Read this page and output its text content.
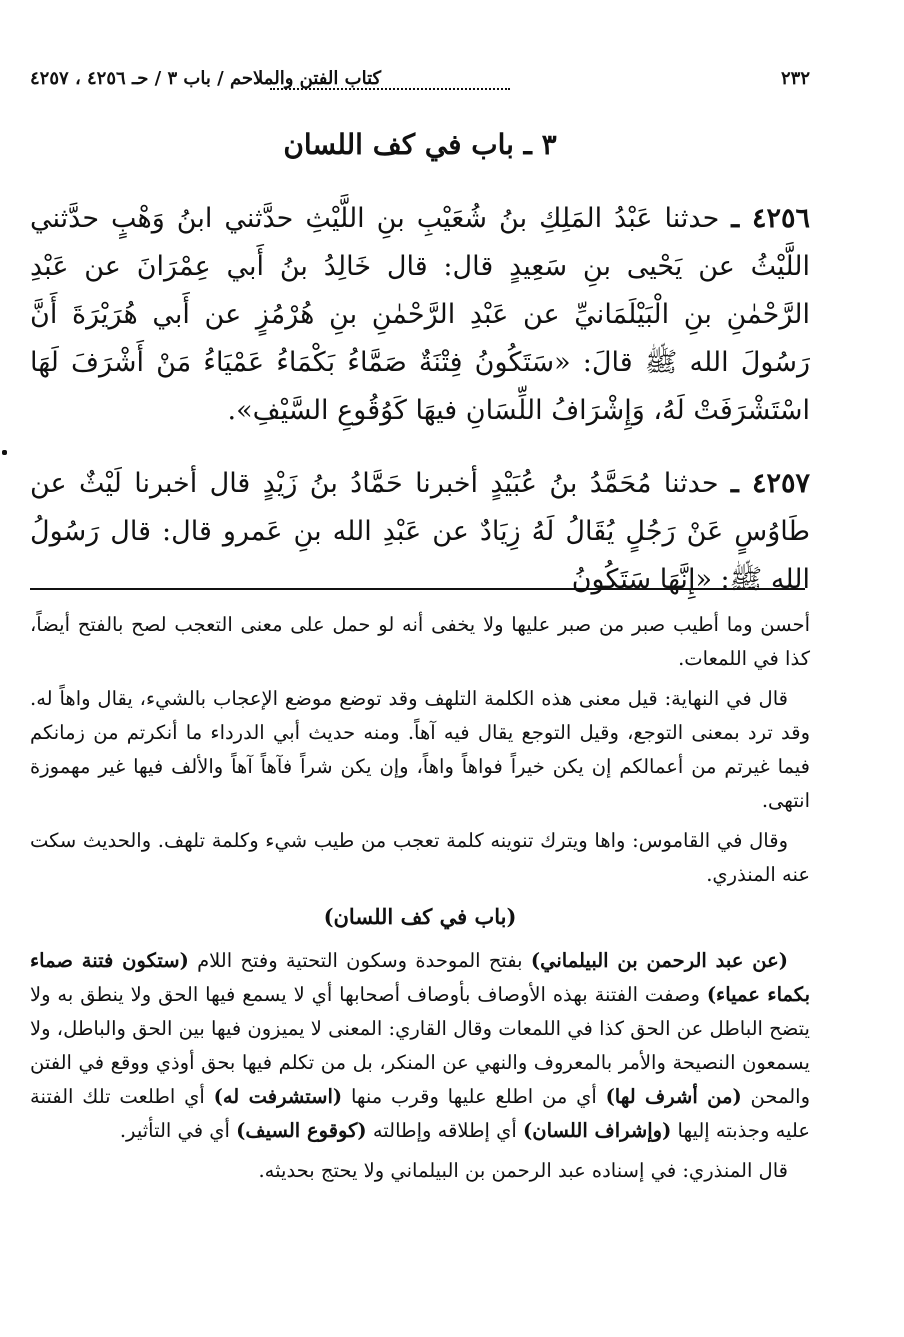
٢٣٢
كتاب الفتن والملاحم / باب ٣ / حـ ٤٢٥٦ ، ٤٢٥٧
٣ ـ باب في كف اللسان
٤٢٥٦ ـ حدثنا عَبْدُ المَلِكِ بنُ شُعَيْبِ بنِ اللَّيْثِ حدَّثني ابنُ وَهْبٍ حدَّثني اللَّيْثُ عن يَحْيى بنِ سَعِيدٍ قال: قال خَالِدُ بنُ أَبي عِمْرَانَ عن عَبْدِ الرَّحْمٰنِ بنِ الْبَيْلَمَانيِّ عن عَبْدِ الرَّحْمٰنِ بنِ هُرْمُزٍ عن أَبي هُرَيْرَةَ أَنَّ رَسُولَ الله ﷺ قالَ: «سَتَكُونُ فِتْنَةٌ صَمَّاءُ بَكْمَاءُ عَمْيَاءُ مَنْ أَشْرَفَ لَهَا اسْتَشْرَفَتْ لَهُ، وَإِشْرَافُ اللِّسَانِ فيهَا كَوُقُوعِ السَّيْفِ».
٤٢٥٧ ـ حدثنا مُحَمَّدُ بنُ عُبَيْدٍ أخبرنا حَمَّادُ بنُ زَيْدٍ قال أخبرنا لَيْثٌ عن طَاوُسٍ عَنْ رَجُلٍ يُقَالُ لَهُ زِيَادٌ عن عَبْدِ الله بنِ عَمرو قال: قال رَسُولُ الله ﷺ: «إِنَّهَا سَتَكُونُ

أحسن وما أطيب صبر من صبر عليها ولا يخفى أنه لو حمل على معنى التعجب لصح بالفتح أيضاً، كذا في اللمعات.

قال في النهاية: قيل معنى هذه الكلمة التلهف وقد توضع موضع الإعجاب بالشيء، يقال واهاً له. وقد ترد بمعنى التوجع، وقيل التوجع يقال فيه آهاً. ومنه حديث أبي الدرداء ما أنكرتم من زمانكم فيما غيرتم من أعمالكم إن يكن خيراً فواهاً واهاً، وإن يكن شراً فآهاً آهاً والألف فيها غير مهموزة انتهى.

وقال في القاموس: واها ويترك تنوينه كلمة تعجب من طيب شيء وكلمة تلهف. والحديث سكت عنه المنذري.

(باب في كف اللسان)

(عن عبد الرحمن بن البيلماني) بفتح الموحدة وسكون التحتية وفتح اللام (ستكون فتنة صماء بكماء عمياء) وصفت الفتنة بهذه الأوصاف بأوصاف أصحابها أي لا يسمع فيها الحق ولا ينطق به ولا يتضح الباطل عن الحق كذا في اللمعات وقال القاري: المعنى لا يميزون فيها بين الحق والباطل، ولا يسمعون النصيحة والأمر بالمعروف والنهي عن المنكر، بل من تكلم فيها بحق أوذي ووقع في الفتن والمحن (من أشرف لها) أي من اطلع عليها وقرب منها (استشرفت له) أي اطلعت تلك الفتنة عليه وجذبته إليها (وإشراف اللسان) أي إطلاقه وإطالته (كوقوع السيف) أي في التأثير.

قال المنذري: في إسناده عبد الرحمن بن البيلماني ولا يحتج بحديثه.
